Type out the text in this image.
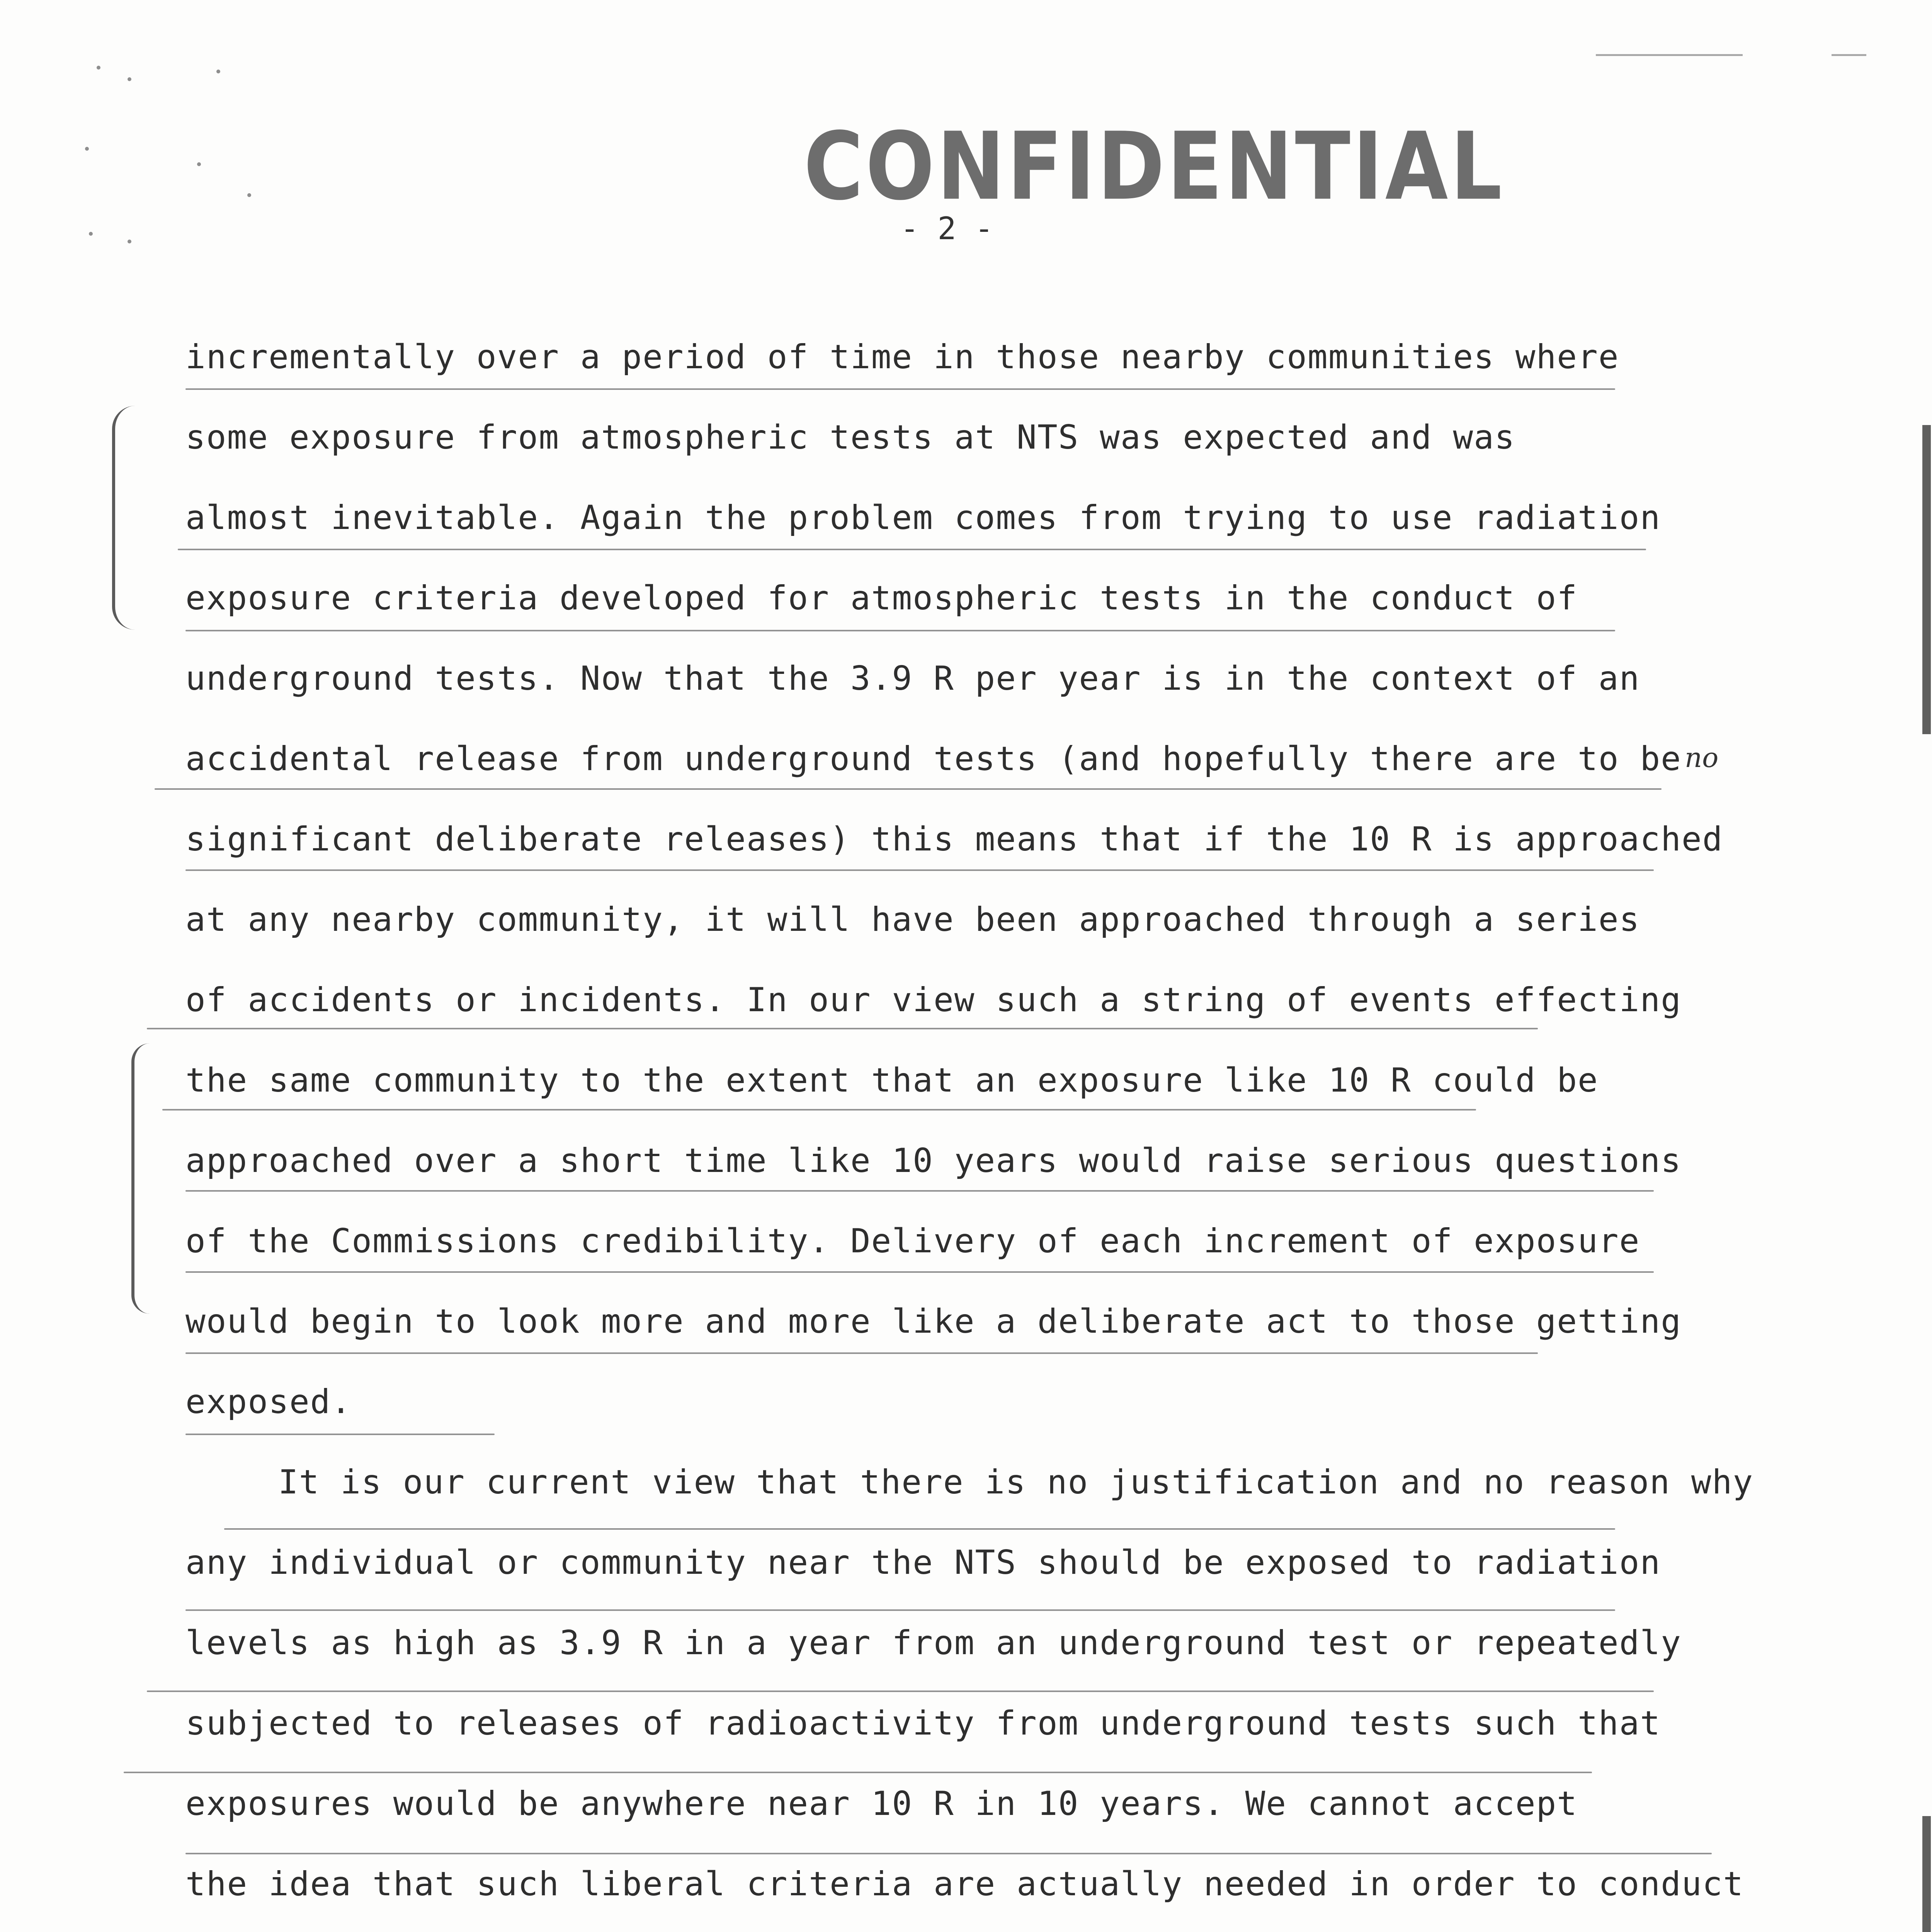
CONFIDENTIAL
- 2 -
no
incrementally over a period of time in those nearby communities where
some exposure from atmospheric tests at NTS was expected and was
almost inevitable. Again the problem comes from trying to use radiation
exposure criteria developed for atmospheric tests in the conduct of
underground tests. Now that the 3.9 R per year is in the context of an
accidental release from underground tests (and hopefully there are to be
significant deliberate releases) this means that if the 10 R is approached
at any nearby community, it will have been approached through a series
of accidents or incidents. In our view such a string of events effecting
the same community to the extent that an exposure like 10 R could be
approached over a short time like 10 years would raise serious questions
of the Commissions credibility. Delivery of each increment of exposure
would begin to look more and more like a deliberate act to those getting
exposed.
It is our current view that there is no justification and no reason why
any individual or community near the NTS should be exposed to radiation
levels as high as 3.9 R in a year from an underground test or repeatedly
subjected to releases of radioactivity from underground tests such that
exposures would be anywhere near 10 R in 10 years. We cannot accept
the idea that such liberal criteria are actually needed in order to conduct
